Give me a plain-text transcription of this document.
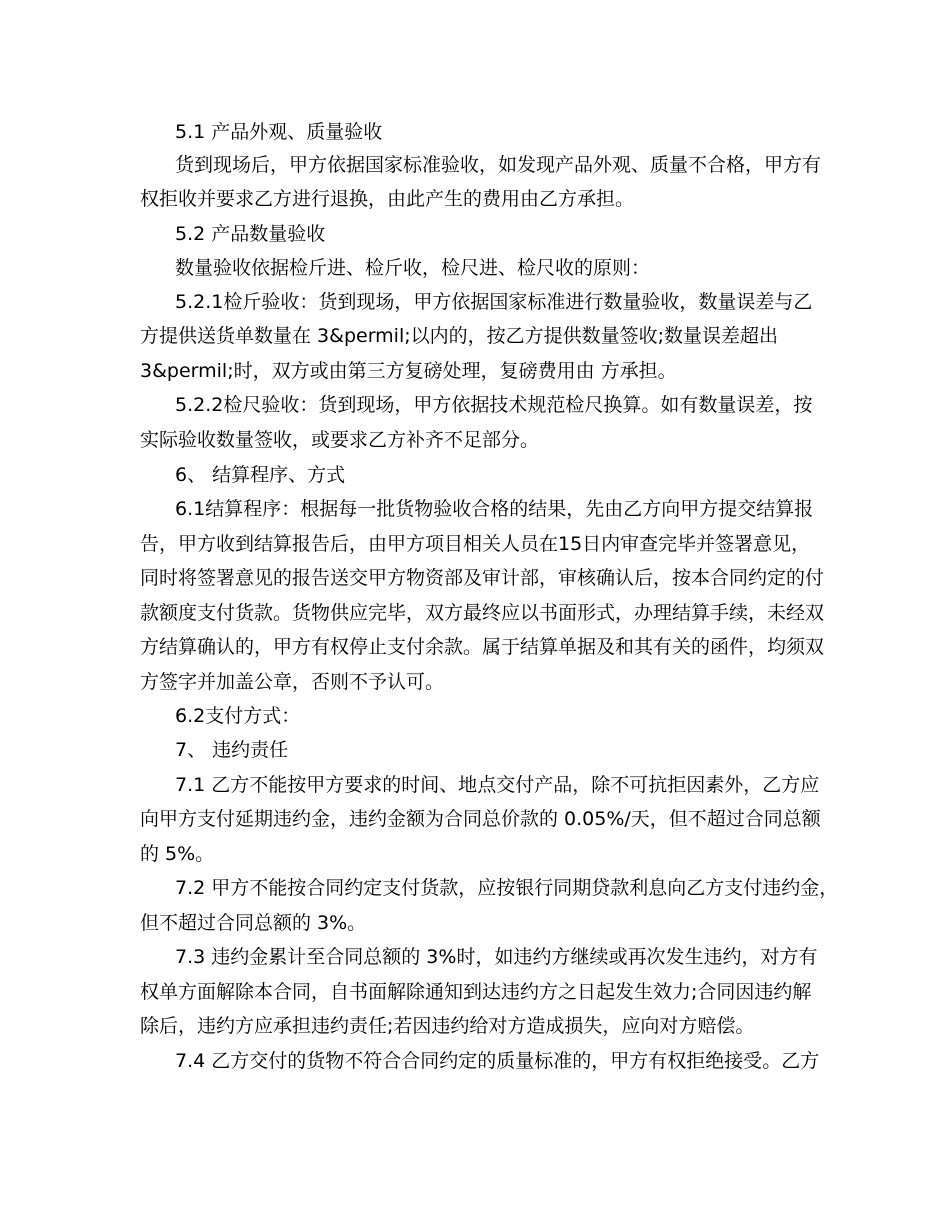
5.1 产品外观、质量验收

货到现场后，甲方依据国家标准验收，如发现产品外观、质量不合格，甲方有

权拒收并要求乙方进行退换，由此产生的费用由乙方承担。

5.2 产品数量验收

数量验收依据检斤进、检斤收，检尺进、检尺收的原则：

5.2.1检斤验收：货到现场，甲方依据国家标准进行数量验收，数量误差与乙

方提供送货单数量在 3&permil;以内的，按乙方提供数量签收;数量误差超出

3&permil;时，双方或由第三方复磅处理，复磅费用由 方承担。

5.2.2检尺验收：货到现场，甲方依据技术规范检尺换算。如有数量误差，按

实际验收数量签收，或要求乙方补齐不足部分。

6、 结算程序、方式

6.1结算程序：根据每一批货物验收合格的结果，先由乙方向甲方提交结算报

告，甲方收到结算报告后，由甲方项目相关人员在15日内审查完毕并签署意见，

同时将签署意见的报告送交甲方物资部及审计部，审核确认后，按本合同约定的付

款额度支付货款。货物供应完毕，双方最终应以书面形式，办理结算手续，未经双

方结算确认的，甲方有权停止支付余款。属于结算单据及和其有关的函件，均须双

方签字并加盖公章，否则不予认可。

6.2支付方式：

7、 违约责任

7.1 乙方不能按甲方要求的时间、地点交付产品，除不可抗拒因素外，乙方应

向甲方支付延期违约金，违约金额为合同总价款的 0.05%/天，但不超过合同总额

的 5%。

7.2 甲方不能按合同约定支付货款，应按银行同期贷款利息向乙方支付违约金，

但不超过合同总额的 3%。

7.3 违约金累计至合同总额的 3%时，如违约方继续或再次发生违约，对方有

权单方面解除本合同，自书面解除通知到达违约方之日起发生效力;合同因违约解

除后，违约方应承担违约责任;若因违约给对方造成损失，应向对方赔偿。

7.4 乙方交付的货物不符合合同约定的质量标准的，甲方有权拒绝接受。乙方
